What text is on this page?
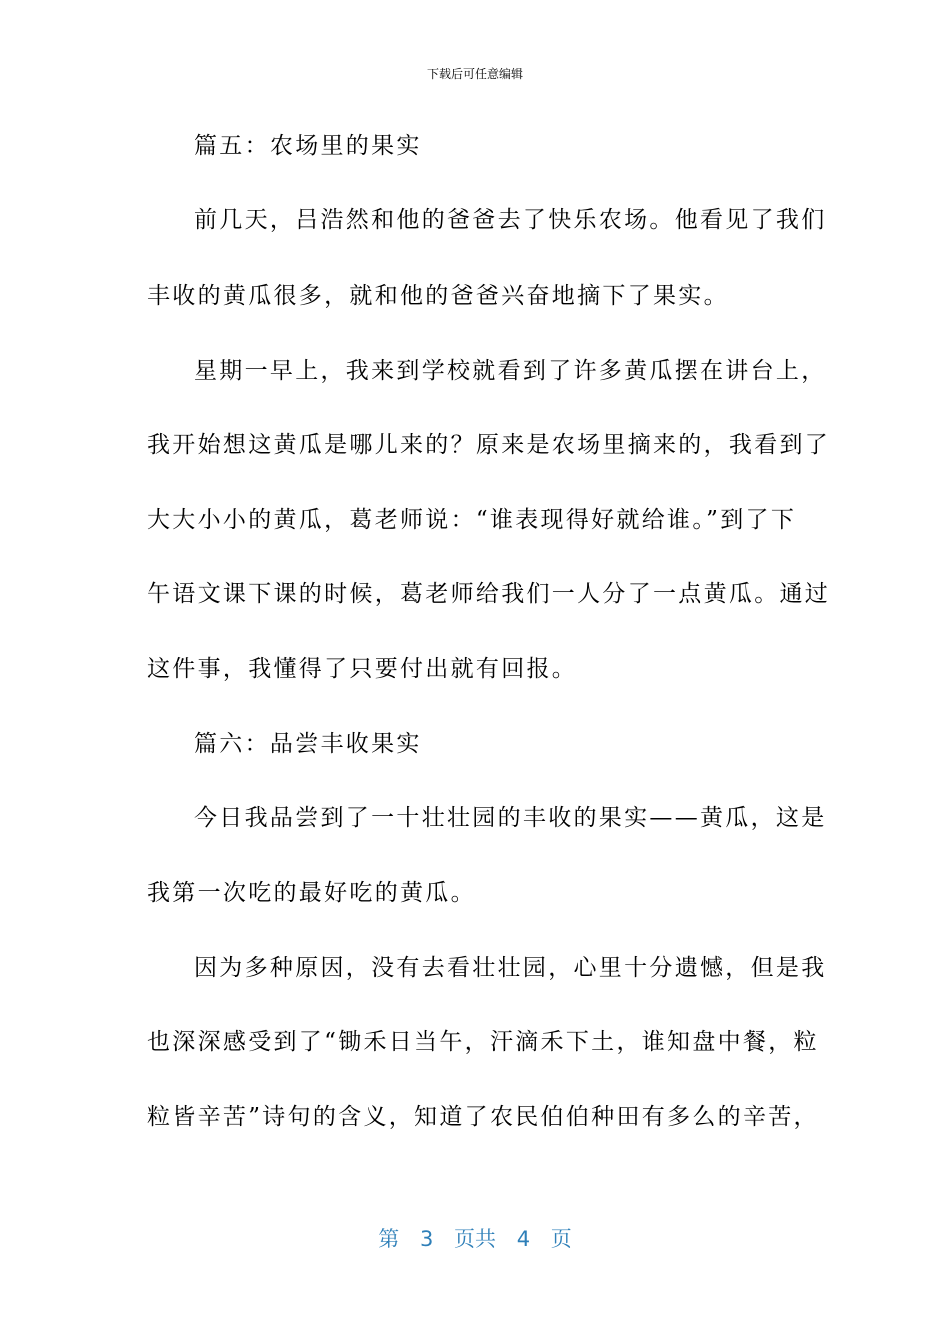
下载后可任意编辑
篇五：农场里的果实
前几天，吕浩然和他的爸爸去了快乐农场。他看见了我们
丰收的黄瓜很多，就和他的爸爸兴奋地摘下了果实。
星期一早上，我来到学校就看到了许多黄瓜摆在讲台上，
我开始想这黄瓜是哪儿来的？原来是农场里摘来的，我看到了
大大小小的黄瓜，葛老师说：“谁表现得好就给谁。”到了下
午语文课下课的时候，葛老师给我们一人分了一点黄瓜。通过
这件事，我懂得了只要付出就有回报。
篇六：品尝丰收果实
今日我品尝到了一十壮壮园的丰收的果实——黄瓜，这是
我第一次吃的最好吃的黄瓜。
因为多种原因，没有去看壮壮园，心里十分遗憾，但是我
也深深感受到了“锄禾日当午，汗滴禾下土，谁知盘中餐，粒
粒皆辛苦”诗句的含义，知道了农民伯伯种田有多么的辛苦，
第 3 页共 4 页
